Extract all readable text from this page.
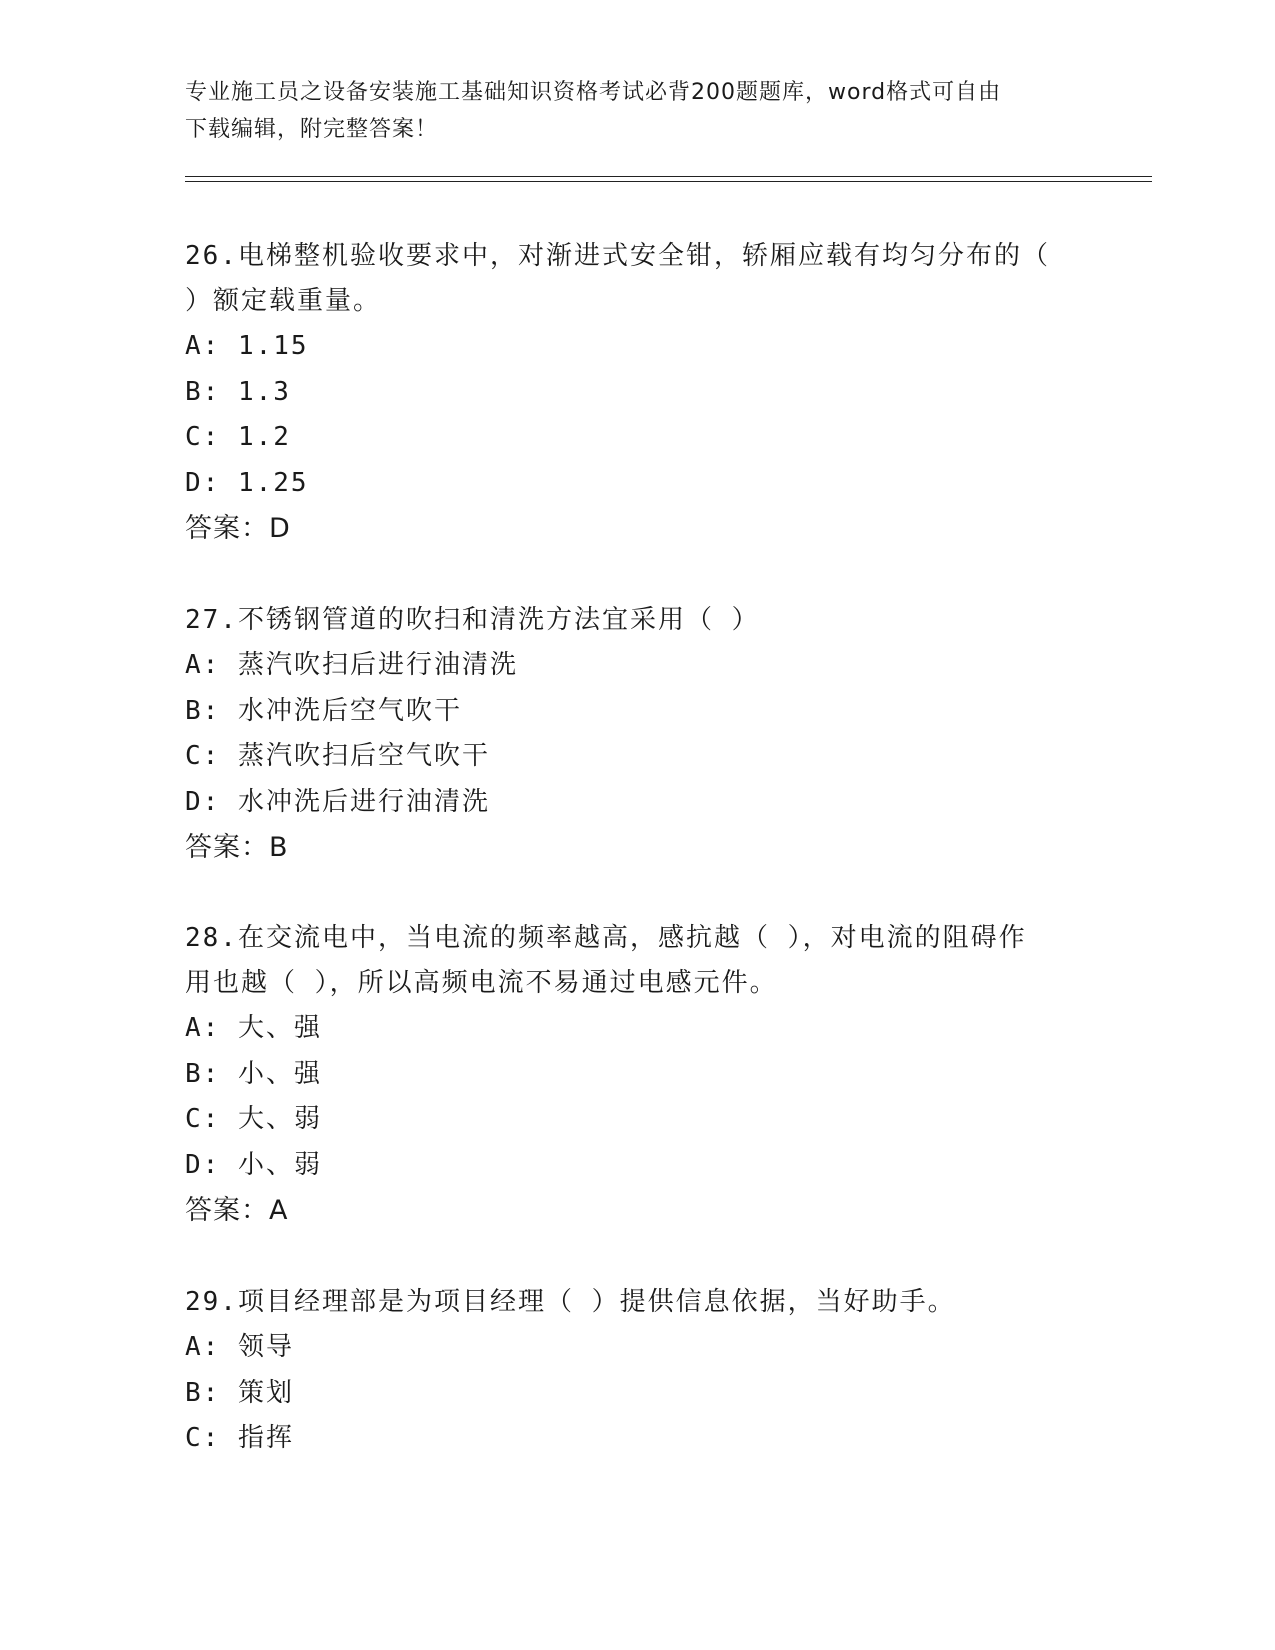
专业施工员之设备安装施工基础知识资格考试必背200题题库，word格式可自由
下载编辑，附完整答案！
26.电梯整机验收要求中，对渐进式安全钳，轿厢应载有均匀分布的（
）额定载重量。
A: 1.15
B: 1.3
C: 1.2
D: 1.25
答案：D
27.不锈钢管道的吹扫和清洗方法宜采用（ ）
A: 蒸汽吹扫后进行油清洗
B: 水冲洗后空气吹干
C: 蒸汽吹扫后空气吹干
D: 水冲洗后进行油清洗
答案：B
28.在交流电中，当电流的频率越高，感抗越（ ），对电流的阻碍作
用也越（ ），所以高频电流不易通过电感元件。
A: 大、强
B: 小、强
C: 大、弱
D: 小、弱
答案：A
29.项目经理部是为项目经理（ ）提供信息依据，当好助手。
A: 领导
B: 策划
C: 指挥
